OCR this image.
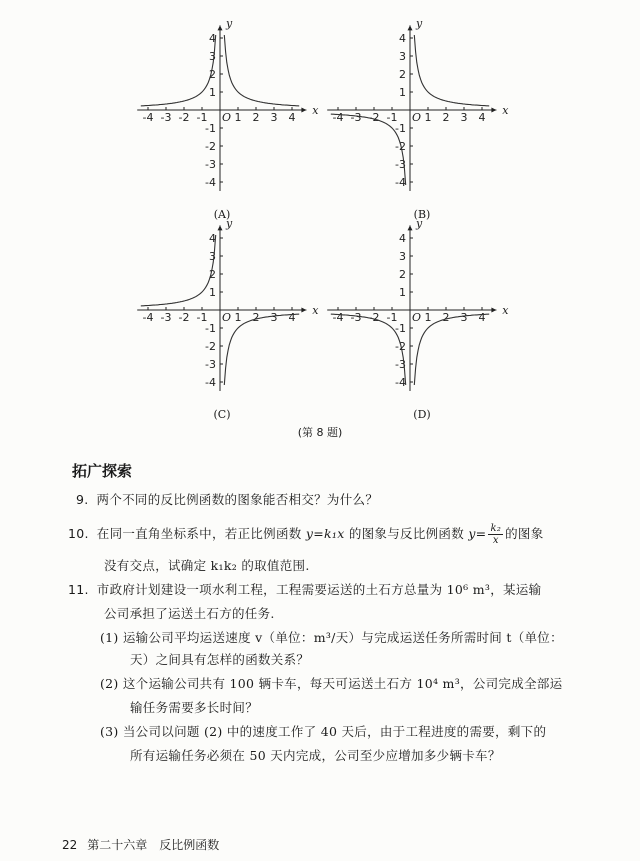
-4 -3 -2 -1 1 2 3 4
4
3
2
1
-1
-2
-3
-4
O
x
y
(A)
-4 -3 -2 -1 1 2 3 4
4
3
2
1
-1
-2
-3
-4
O
x
y
(B)
-4 -3 -2 -1 1 2 3 4
4
3
2
1
-1
-2
-3
-4
O
x
y
(C)
-4 -3 -2 -1 1 2 3 4
4
3
2
1
-1
-2
-3
-4
O
x
y
(D)
(第 8 题)
拓广探索
9. 两个不同的反比例函数的图象能否相交？为什么？
10. 在同一直角坐标系中，若正比例函数 y=k₁x 的图象与反比例函数 $y= \frac{\text{k₂}}{x}$ 的图象
没有交点，试确定 k₁k₂ 的取值范围.
11. 市政府计划建设一项水利工程，工程需要运送的土石方总量为 10⁶ m³，某运输
公司承担了运送土石方的任务.
(1) 运输公司平均运送速度 v（单位：m³/天）与完成运送任务所需时间 t（单位：
天）之间具有怎样的函数关系？
(2) 这个运输公司共有 100 辆卡车，每天可运送土石方 10⁴ m³，公司完成全部运
输任务需要多长时间？
(3) 当公司以问题 (2) 中的速度工作了 40 天后，由于工程进度的需要，剩下的
所有运输任务必须在 50 天内完成，公司至少应增加多少辆卡车？
22 第二十六章　反比例函数
